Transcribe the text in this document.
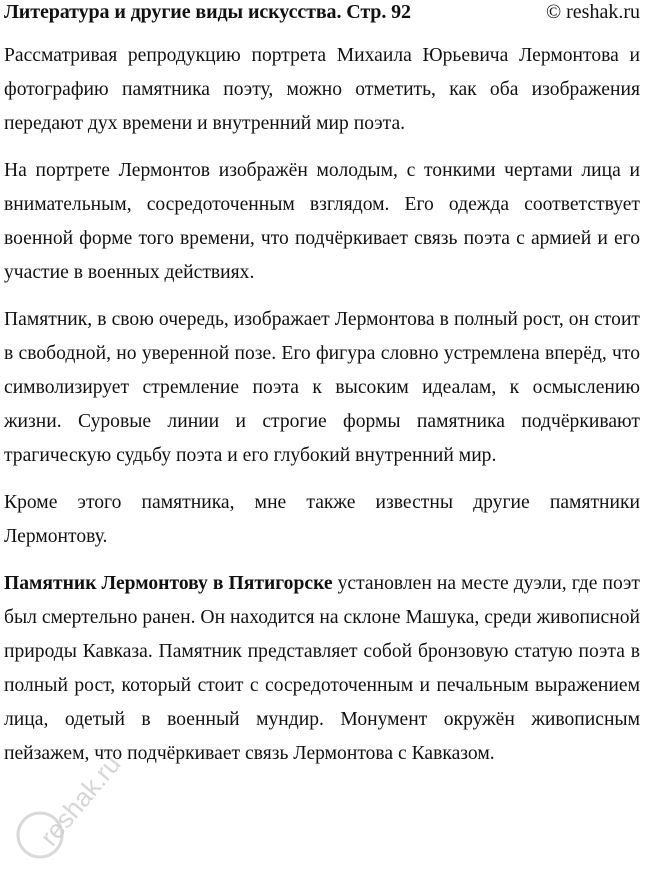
Литература и другие виды искусства. Стр. 92	© reshak.ru

Рассматривая репродукцию портрета Михаила Юрьевича Лермонтова и фотографию памятника поэту, можно отметить, как оба изображения передают дух времени и внутренний мир поэта.

На портрете Лермонтов изображён молодым, с тонкими чертами лица и внимательным, сосредоточенным взглядом. Его одежда соответствует военной форме того времени, что подчёркивает связь поэта с армией и его участие в военных действиях.

Памятник, в свою очередь, изображает Лермонтова в полный рост, он стоит в свободной, но уверенной позе. Его фигура словно устремлена вперёд, что символизирует стремление поэта к высоким идеалам, к осмыслению жизни. Суровые линии и строгие формы памятника подчёркивают трагическую судьбу поэта и его глубокий внутренний мир.

Кроме этого памятника, мне также известны другие памятники Лермонтову.

Памятник Лермонтову в Пятигорске установлен на месте дуэли, где поэт был смертельно ранен. Он находится на склоне Машука, среди живописной природы Кавказа. Памятник представляет собой бронзовую статую поэта в полный рост, который стоит с сосредоточенным и печальным выражением лица, одетый в военный мундир. Монумент окружён живописным пейзажем, что подчёркивает связь Лермонтова с Кавказом.

reshak.ru
